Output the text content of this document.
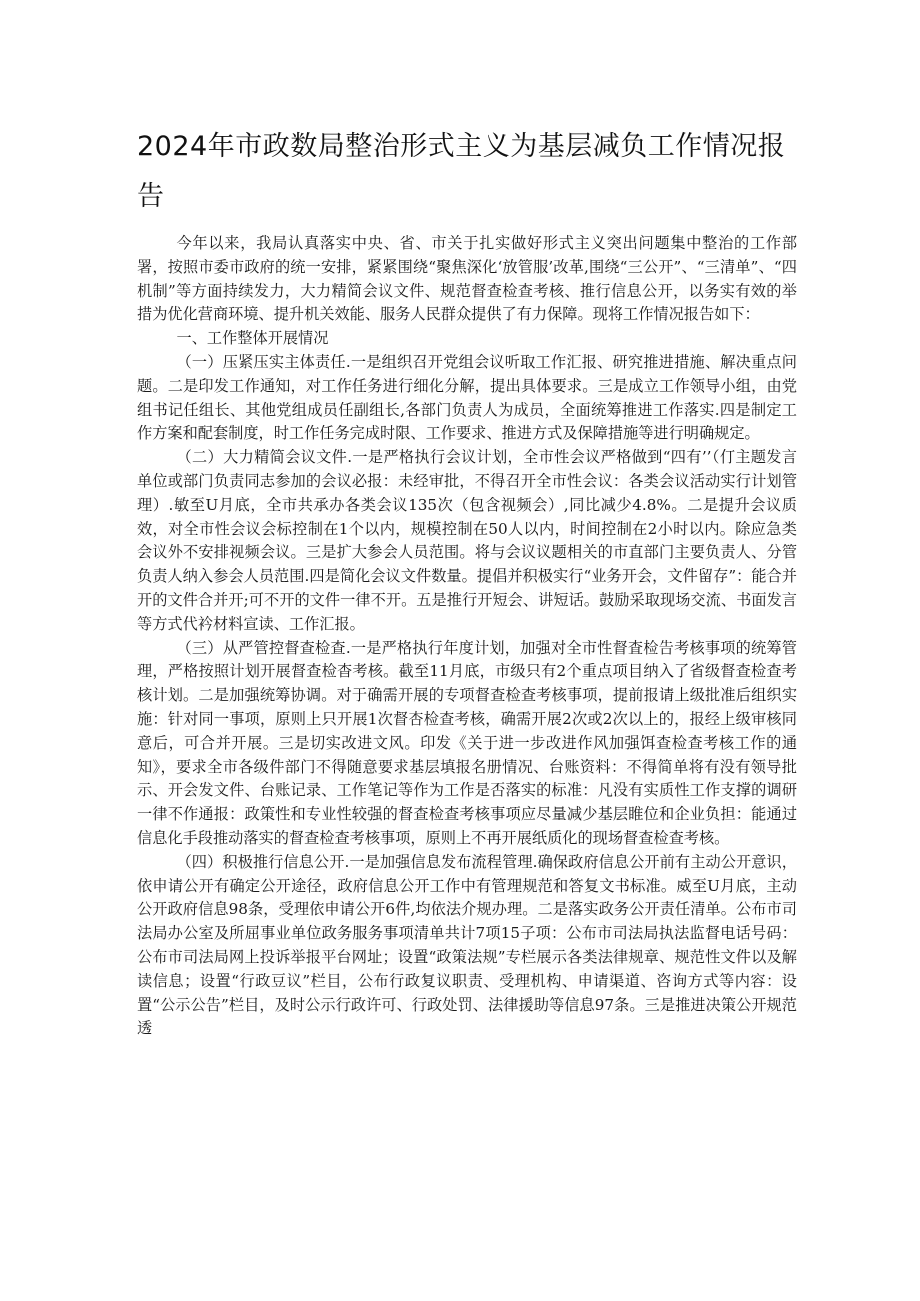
2024年市政数局整治形式主义为基层减负工作情况报告

今年以来，我局认真落实中央、省、市关于扎实做好形式主义突出问题集中整治的工作部署，按照市委市政府的统一安排，紧紧围绕“聚焦深化‘放管服’改革,围绕“三公开”、“三清单”、“四机制”等方面持续发力，大力精简会议文件、规范督查检查考核、推行信息公开，以务实有效的举措为优化营商环境、提升机关效能、服务人民群众提供了有力保障。现将工作情况报告如下：

一、工作整体开展情况

（一）压紧压实主体责任.一是组织召开党组会议听取工作汇报、研究推进措施、解决重点问题。二是印发工作通知，对工作任务进行细化分解，提出具体要求。三是成立工作领导小组，由党组书记任组长、其他党组成员任副组长,各部门负责人为成员，全面统筹推进工作落实.四是制定工作方案和配套制度，时工作任务完成时限、工作要求、推进方式及保障措施等进行明确规定。

（二）大力精简会议文件.一是严格执行会议计划，全市性会议严格做到“四有’’（仃主题发言单位或部门负责同志参加的会议必报：未经审批，不得召开全市性会议：各类会议活动实行计划管理）.敏至U月底，全市共承办各类会议135次（包含视频会）,同比减少4.8%。二是提升会议质效，对全市性会议会标控制在1个以内，规模控制在50人以内，时间控制在2小时以内。除应急类会议外不安排视频会议。三是扩大参会人员范围。将与会议议题相关的市直部门主要负责人、分管负责人纳入参会人员范围.四是简化会议文件数量。提倡并积极实行“业务开会，文件留存”：能合并开的文件合并开;可不开的文件一律不开。五是推行开短会、讲短话。鼓励采取现场交流、书面发言等方式代衿材料宣读、工作汇报。

（三）从严管控督查检查.一是严格执行年度计划，加强对全市性督査检告考核事项的统筹管理，严格按照计划开展督查检杳考核。截至11月底，市级只有2个重点项目纳入了省级督查检查考核计划。二是加强统筹协调。对于确需开展的专项督查检查考核事项，提前报请上级批准后组织实施：针对同一事项，原则上只开展1次督杏检查考核，确需开展2次或2次以上的，报经上级审核同意后，可合并开展。三是切实改进文风。印发《关于进一步改进作风加强饵查检查考核工作的通知》，要求全市各级件部门不得随意要求基层填报名册情况、台账资料：不得简单将有没有领导批示、开会发文件、台账记录、工作笔记等作为工作是否落实的标准：凡没有实质性工作支撑的调研一律不作通报：政策性和专业性较强的督查检查考核事项应尽量减少基层睢位和企业负担：能通过信息化手段推动落实的督查检查考核事项，原则上不再开展纸质化的现场督查检查考核。

（四）积极推行信息公开.一是加强信息发布流程管理.确保政府信息公开前有主动公开意识，依申请公开有确定公开途径，政府信息公开工作中有管理规范和答复文书标准。威至U月底，主动公开政府信息98条，受理依申请公开6件,均依法介规办理。二是落实政务公开责任清单。公布市司法局办公室及所屈事业单位政务服务事项清单共计7项15子项：公布市司法局执法监督电话号码：公布市司法局网上投诉举报平台网址；设置“政策法规”专栏展示各类法律规章、规范性文件以及解读信息；设置“行政豆议”栏目，公布行政复议职责、受理机构、申请渠道、咨询方式等内容：设置“公示公告”栏目，及时公示行政许可、行政处罚、法律援助等信息97条。三是推进决策公开规范透
